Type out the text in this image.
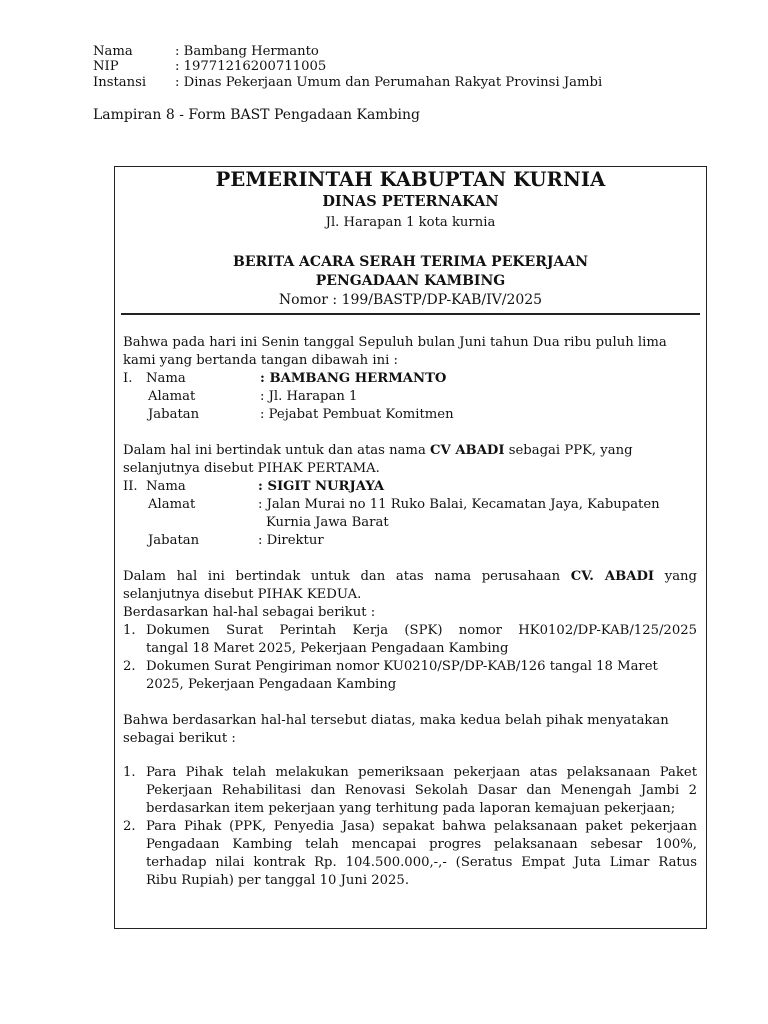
Nama	: Bambang Hermanto
NIP	: 19771216200711005
Instansi : Dinas Pekerjaan Umum dan Perumahan Rakyat Provinsi Jambi
Lampiran 8 - Form BAST Pengadaan Kambing
PEMERINTAH KABUPTAN KURNIA
DINAS PETERNAKAN
Jl. Harapan 1 kota kurnia
BERITA ACARA SERAH TERIMA PEKERJAAN
PENGADAAN KAMBING
Nomor : 199/BASTP/DP-KAB/IV/2025
Bahwa pada hari ini Senin tanggal Sepuluh bulan Juni tahun Dua ribu puluh lima
kami yang bertanda tangan dibawah ini :
I. Nama	: BAMBANG HERMANTO
Alamat	: Jl. Harapan 1
Jabatan	: Pejabat Pembuat Komitmen
Dalam hal ini bertindak untuk dan atas nama CV ABADI sebagai PPK, yang
selanjutnya disebut PIHAK PERTAMA.
II. Nama	: SIGIT NURJAYA
Alamat	: Jalan Murai no 11 Ruko Balai, Kecamatan Jaya, Kabupaten
Kurnia Jawa Barat
Jabatan	: Direktur
Dalam hal ini bertindak untuk dan atas nama perusahaan CV. ABADI yang
selanjutnya disebut PIHAK KEDUA.
Berdasarkan hal-hal sebagai berikut :
1. Dokumen Surat Perintah Kerja (SPK) nomor HK0102/DP-KAB/125/2025
tangal 18 Maret 2025, Pekerjaan Pengadaan Kambing
2. Dokumen Surat Pengiriman nomor KU0210/SP/DP-KAB/126 tangal 18 Maret
2025, Pekerjaan Pengadaan Kambing
Bahwa berdasarkan hal-hal tersebut diatas, maka kedua belah pihak menyatakan
sebagai berikut :
1. Para Pihak telah melakukan pemeriksaan pekerjaan atas pelaksanaan Paket
Pekerjaan Rehabilitasi dan Renovasi Sekolah Dasar dan Menengah Jambi 2
berdasarkan item pekerjaan yang terhitung pada laporan kemajuan pekerjaan;
2. Para Pihak (PPK, Penyedia Jasa) sepakat bahwa pelaksanaan paket pekerjaan
Pengadaan Kambing telah mencapai progres pelaksanaan sebesar 100%,
terhadap nilai kontrak Rp. 104.500.000,-,- (Seratus Empat Juta Limar Ratus
Ribu Rupiah) per tanggal 10 Juni 2025.
